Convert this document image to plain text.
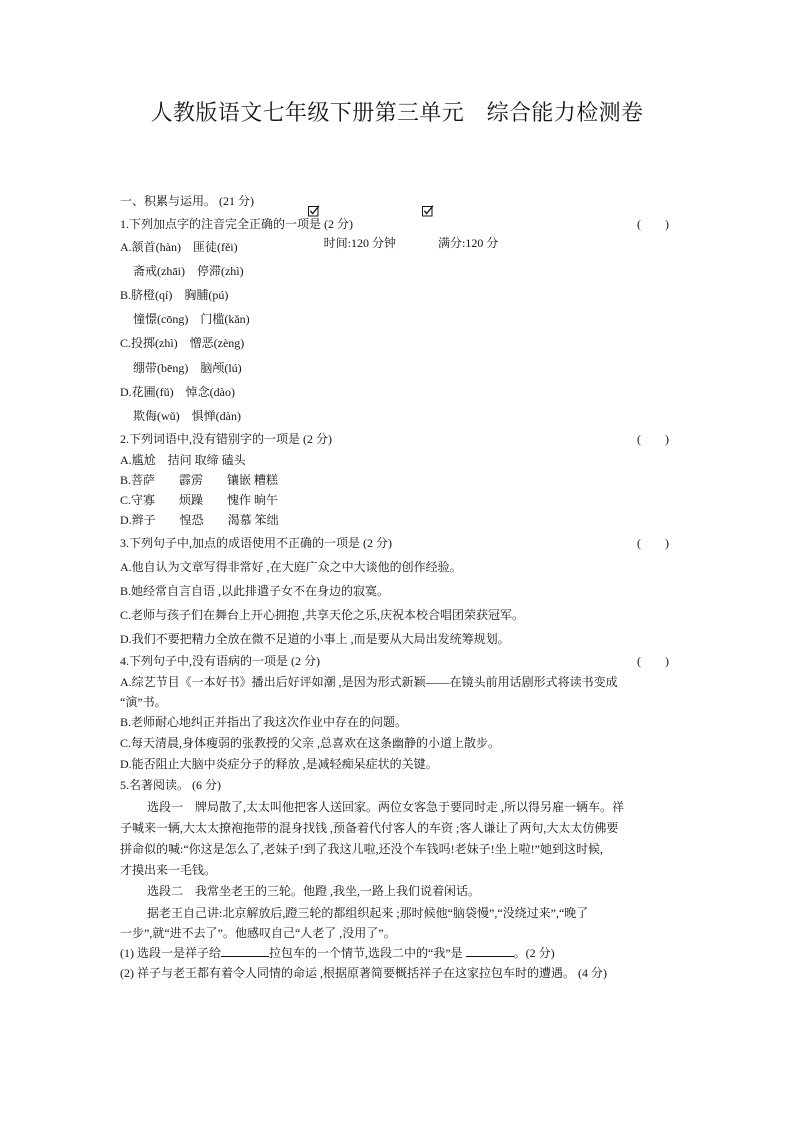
人教版语文七年级下册第三单元　综合能力检测卷

时间:120 分钟
	满分:120 分

一、积累与运用。 (21 分)
1.下列加点字的注音完全正确的一项是 (2 分)	(　　)
A.颔首(hàn)　匪徒(fěi)
斋戒(zhāi)　停滞(zhì)
B.脐橙(qí)　胸脯(pú)
憧憬(cōng)　门槛(kǎn)
C.投掷(zhì)　憎恶(zèng)
绷带(bēng)　脑颅(lú)
D.花圃(fǔ)　悼念(dào)
欺侮(wǔ)　惧惮(dàn)
2.下列词语中,没有错别字的一项是 (2 分)	(　　)
A.尴尬　拮问 取缔 磕头
B.菩萨　　霹雳　　镶嵌 糟糕
C.守寡　　烦躁　　愧作 晌午
D.辫子　　惶恐　　渴慕 笨绌
3.下列句子中,加点的成语使用不正确的一项是 (2 分)	(　　)
A.他自认为文章写得非常好 ,在大庭广众之中大谈他的创作经验。
B.她经常自言自语 ,以此排遣子女不在身边的寂寞。
C.老师与孩子们在舞台上开心拥抱 ,共享天伦之乐,庆祝本校合唱团荣获冠军。
D.我们不要把精力全放在微不足道的小事上 ,而是要从大局出发统筹规划。
4.下列句子中,没有语病的一项是 (2 分)	(　　)
A.综艺节目《一本好书》播出后好评如潮 ,是因为形式新颖——在镜头前用话剧形式将读书变成
“演”书。
B.老师耐心地纠正并指出了我这次作业中存在的问题。
C.每天清晨,身体瘦弱的张教授的父亲 ,总喜欢在这条幽静的小道上散步。
D.能否阻止大脑中炎症分子的释放 ,是减轻痴呆症状的关键。
5.名著阅读。 (6 分)
选段一　牌局散了,太太叫他把客人送回家。两位女客急于要同时走 ,所以得另雇一辆车。祥
子喊来一辆,大太太撩袍拖带的混身找钱 ,预备着代付客人的车资 ;客人谦让了两句,大太太仿佛要
拼命似的喊:“你这是怎么了,老妹子!到了我这儿啦,还没个车钱吗!老妹子!坐上啦!”她到这时候,
才摸出来一毛钱。
选段二　我常坐老王的三轮。他蹬 ,我坐,一路上我们说着闲话。
据老王自己讲:北京解放后,蹬三轮的都组织起来 ;那时候他“脑袋慢”,“没绕过来”,“晚了
一步”,就“进不去了”。他感叹自己“人老了 ,没用了”。
(1) 选段一是祥子给	拉包车的一个情节,选段二中的“我”是	。(2 分)
(2) 祥子与老王都有着令人同情的命运 ,根据原著简要概括祥子在这家拉包车时的遭遇。 (4 分)
